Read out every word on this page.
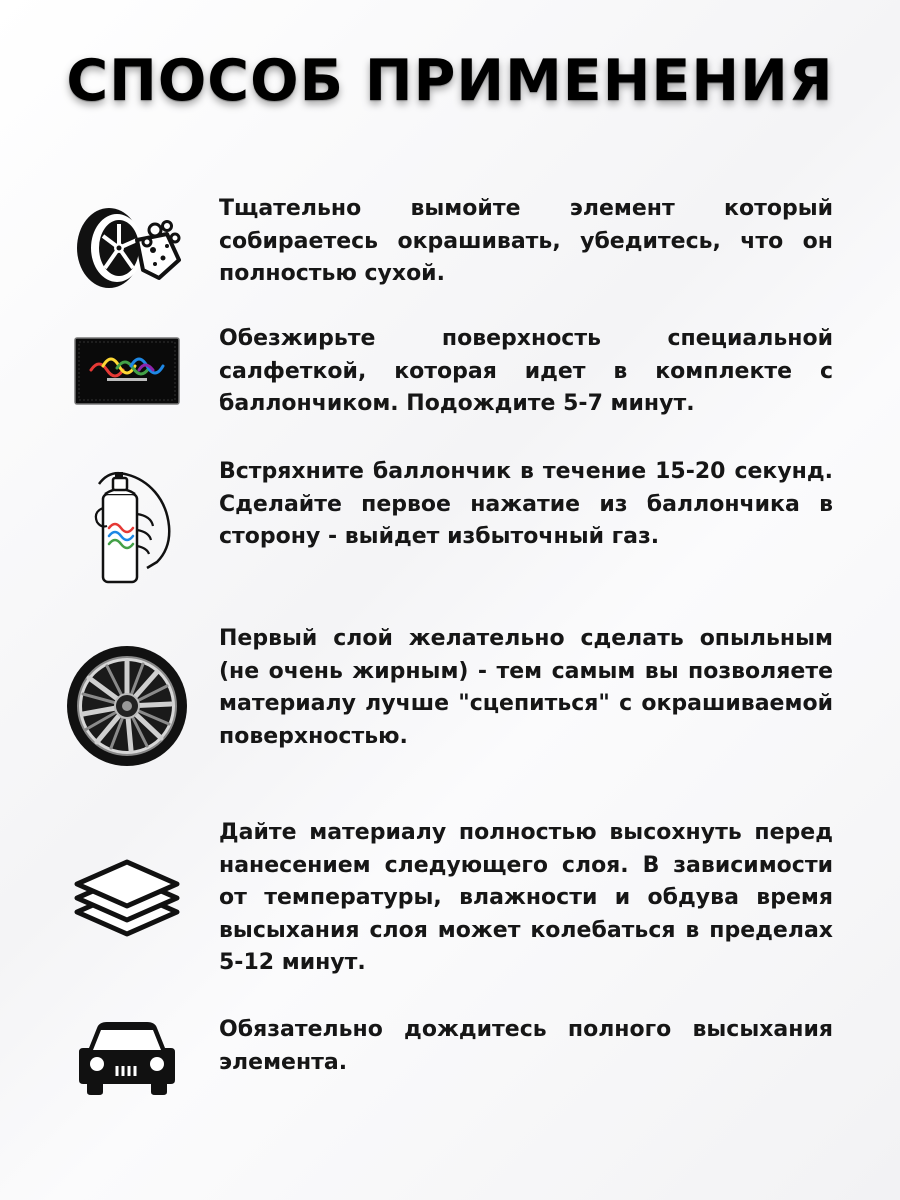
СПОСОБ ПРИМЕНЕНИЯ

Тщательно вымойте элемент который собираетесь окрашивать, убедитесь, что он полностью сухой.

Обезжирьте поверхность специальной салфеткой, которая идет в комплекте с баллончиком. Подождите 5-7 минут.

Встряхните баллончик в течение 15-20 секунд. Сделайте первое нажатие из баллончика в сторону - выйдет избыточный газ.

Первый слой желательно сделать опыльным (не очень жирным) - тем самым вы позволяете материалу лучше "сцепиться" с окрашиваемой поверхностью.

Дайте материалу полностью высохнуть перед нанесением следующего слоя. В зависимости от температуры, влажности и обдува время высыхания слоя может колебаться в пределах 5-12 минут.

Обязательно дождитесь полного высыхания элемента.
